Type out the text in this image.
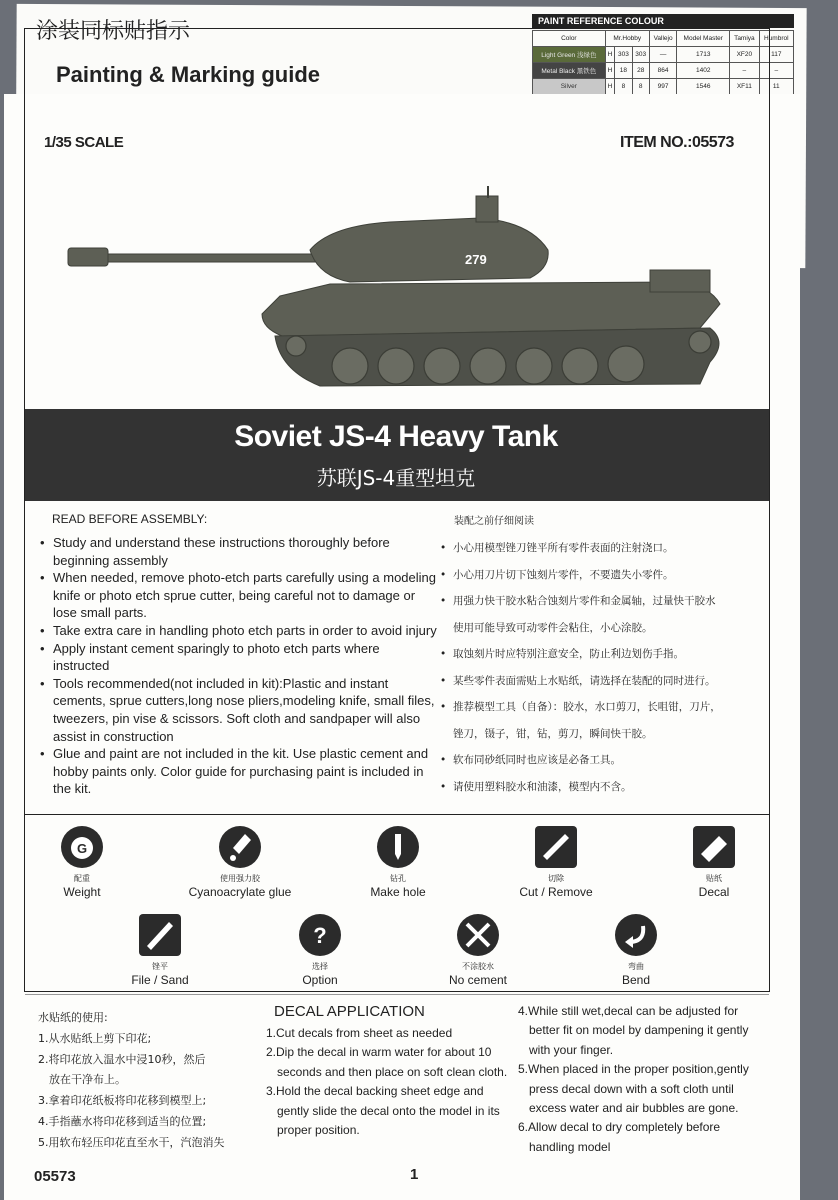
涂装同标贴指示
Painting & Marking guide
PAINT REFERENCE COLOUR
Color	Mr.Hobby			Vallejo	Model Master	Tamiya	Humbrol
Light Green 浅绿色	H	303	303	—	1713	XF20	117
Metal Black 黑铁色	H	18	28	864	1402	–	–
Silver	H	8	8	997	1546	XF11	11
1/35 SCALE	ITEM NO.:05573
279
Soviet JS-4 Heavy Tank
苏联JS-4重型坦克
READ BEFORE ASSEMBLY:
• Study and understand these instructions thoroughly before beginning assembly
• When needed, remove photo-etch parts carefully using a modeling knife or photo etch sprue cutter, being careful not to damage or lose small parts.
• Take extra care in handling photo etch parts in order to avoid injury
• Apply instant cement sparingly to photo etch parts where instructed
• Tools recommended(not included in kit):Plastic and instant cements, sprue cutters,long nose pliers,modeling knife, small files, tweezers, pin vise & scissors. Soft cloth and sandpaper will also assist in construction
• Glue and paint are not included in the kit. Use plastic cement and hobby paints only. Color guide for purchasing paint is included in the kit.
装配之前仔细阅读
• 小心用模型锉刀锉平所有零件表面的注射浇口。
• 小心用刀片切下蚀刻片零件，不要遗失小零件。
• 用强力快干胶水粘合蚀刻片零件和金属轴，过量快干胶水
使用可能导致可动零件会粘住，小心涂胶。
• 取蚀刻片时应特别注意安全，防止利边划伤手指。
• 某些零件表面需贴上水贴纸，请选择在装配的同时进行。
• 推荐模型工具（自备）：胶水，水口剪刀，长咀钳，刀片，
锉刀，镊子，钳，钻，剪刀，瞬间快干胶。
• 软布同砂纸同时也应该是必备工具。
• 请使用塑料胶水和油漆，模型内不含。
G
配重
Weight
使用强力胶
Cyanoacrylate glue
钻孔
Make hole
切除
Cut / Remove
贴纸
Decal
锉平
File / Sand
?
选择
Option
不涂胶水
No cement
弯曲
Bend
水贴纸的使用:
1.从水贴纸上剪下印花;
2.将印花放入温水中浸10秒，然后
放在干净布上。
3.拿着印花纸板将印花移到模型上;
4.手指蘸水将印花移到适当的位置;
5.用软布轻压印花直至水干，汽泡消失
DECAL APPLICATION
1.Cut decals from sheet as needed
2.Dip the decal in warm water for about 10
seconds and then place on soft clean cloth.
3.Hold the decal backing sheet edge and
gently slide the decal onto the model in its
proper position.
4.While still wet,decal can be adjusted for
better fit on model by dampening it gently
with your finger.
5.When placed in the proper position,gently
press decal down with a soft cloth until
excess water and air bubbles are gone.
6.Allow decal to dry completely before
handling model
05573	1
